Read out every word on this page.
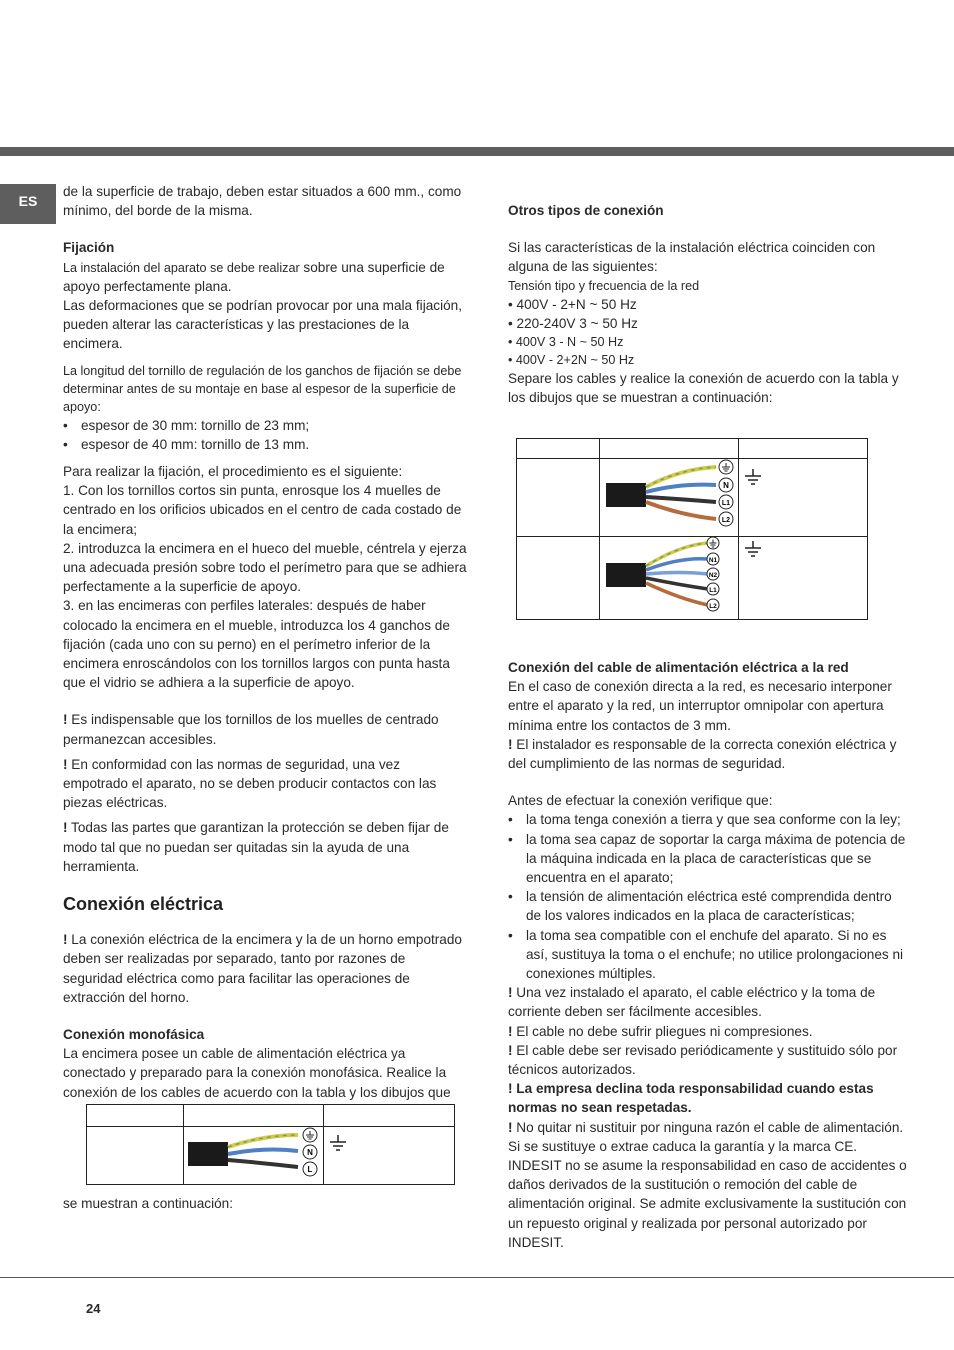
ES

de la superficie de trabajo, deben estar situados a 600 mm., como mínimo, del borde de la misma.

Fijación

La instalación del aparato se debe realizar sobre una superficie de apoyo perfectamente plana.

Las deformaciones que se podrían provocar por una mala fijación, pueden alterar las características y las prestaciones de la encimera.

La longitud del tornillo de regulación de los ganchos de fijación se debe determinar antes de su montaje en base al espesor de la superficie de apoyo:

• espesor de 30 mm: tornillo de 23 mm;
• espesor de 40 mm: tornillo de 13 mm.

Para realizar la fijación, el procedimiento es el siguiente:

1. Con los tornillos cortos sin punta, enrosque los 4 muelles de centrado en los orificios ubicados en el centro de cada costado de la encimera;

2. introduzca la encimera en el hueco del mueble, céntrela y ejerza una adecuada presión sobre todo el perímetro para que se adhiera perfectamente a la superficie de apoyo.

3. en las encimeras con perfiles laterales: después de haber colocado la encimera en el mueble, introduzca los 4 ganchos de fijación (cada uno con su perno) en el perímetro inferior de la encimera enroscándolos con los tornillos largos con punta hasta que el vidrio se adhiera a la superficie de apoyo.

! Es indispensable que los tornillos de los muelles de centrado permanezcan accesibles.

! En conformidad con las normas de seguridad, una vez empotrado el aparato, no se deben producir contactos con las piezas eléctricas.

! Todas las partes que garantizan la protección se deben fijar de modo tal que no puedan ser quitadas sin la ayuda de una herramienta.

Conexión eléctrica

! La conexión eléctrica de la encimera y la de un horno empotrado deben ser realizadas por separado, tanto por razones de seguridad eléctrica como para facilitar las operaciones de extracción del horno.

Conexión monofásica

La encimera posee un cable de alimentación eléctrica ya conectado y preparado para la conexión monofásica. Realice la conexión de los cables de acuerdo con la tabla y los dibujos que

N
L

se muestran a continuación:

Otros tipos de conexión

Si las características de la instalación eléctrica coinciden con alguna de las siguientes:

Tensión tipo y frecuencia de la red

• 400V - 2+N ~ 50 Hz

• 220-240V 3 ~ 50 Hz

• 400V 3 - N ~ 50 Hz

• 400V - 2+2N ~ 50 Hz

Separe los cables y realice la conexión de acuerdo con la tabla y los dibujos que se muestran a continuación:

N
L1
L2

N1
N2
L1
L2

Conexión del cable de alimentación eléctrica a la red

En el caso de conexión directa a la red, es necesario interponer entre el aparato y la red, un interruptor omnipolar con apertura mínima entre los contactos de 3 mm.

! El instalador es responsable de la correcta conexión eléctrica y del cumplimiento de las normas de seguridad.

Antes de efectuar la conexión verifique que:

• la toma tenga conexión a tierra y que sea conforme con la ley;
• la toma sea capaz de soportar la carga máxima de potencia de la máquina indicada en la placa de características que se encuentra en el aparato;
• la tensión de alimentación eléctrica esté comprendida dentro de los valores indicados en la placa de características;
• la toma sea compatible con el enchufe del aparato. Si no es así, sustituya la toma o el enchufe; no utilice prolongaciones ni conexiones múltiples.

! Una vez instalado el aparato, el cable eléctrico y la toma de corriente deben ser fácilmente accesibles.

! El cable no debe sufrir pliegues ni compresiones.

! El cable debe ser revisado periódicamente y sustituido sólo por técnicos autorizados.

! La empresa declina toda responsabilidad cuando estas normas no sean respetadas.

! No quitar ni sustituir por ninguna razón el cable de alimentación. Si se sustituye o extrae caduca la garantía y la marca CE. INDESIT no se asume la responsabilidad en caso de accidentes o daños derivados de la sustitución o remoción del cable de alimentación original. Se admite exclusivamente la sustitución con un repuesto original y realizada por personal autorizado por INDESIT.

24
